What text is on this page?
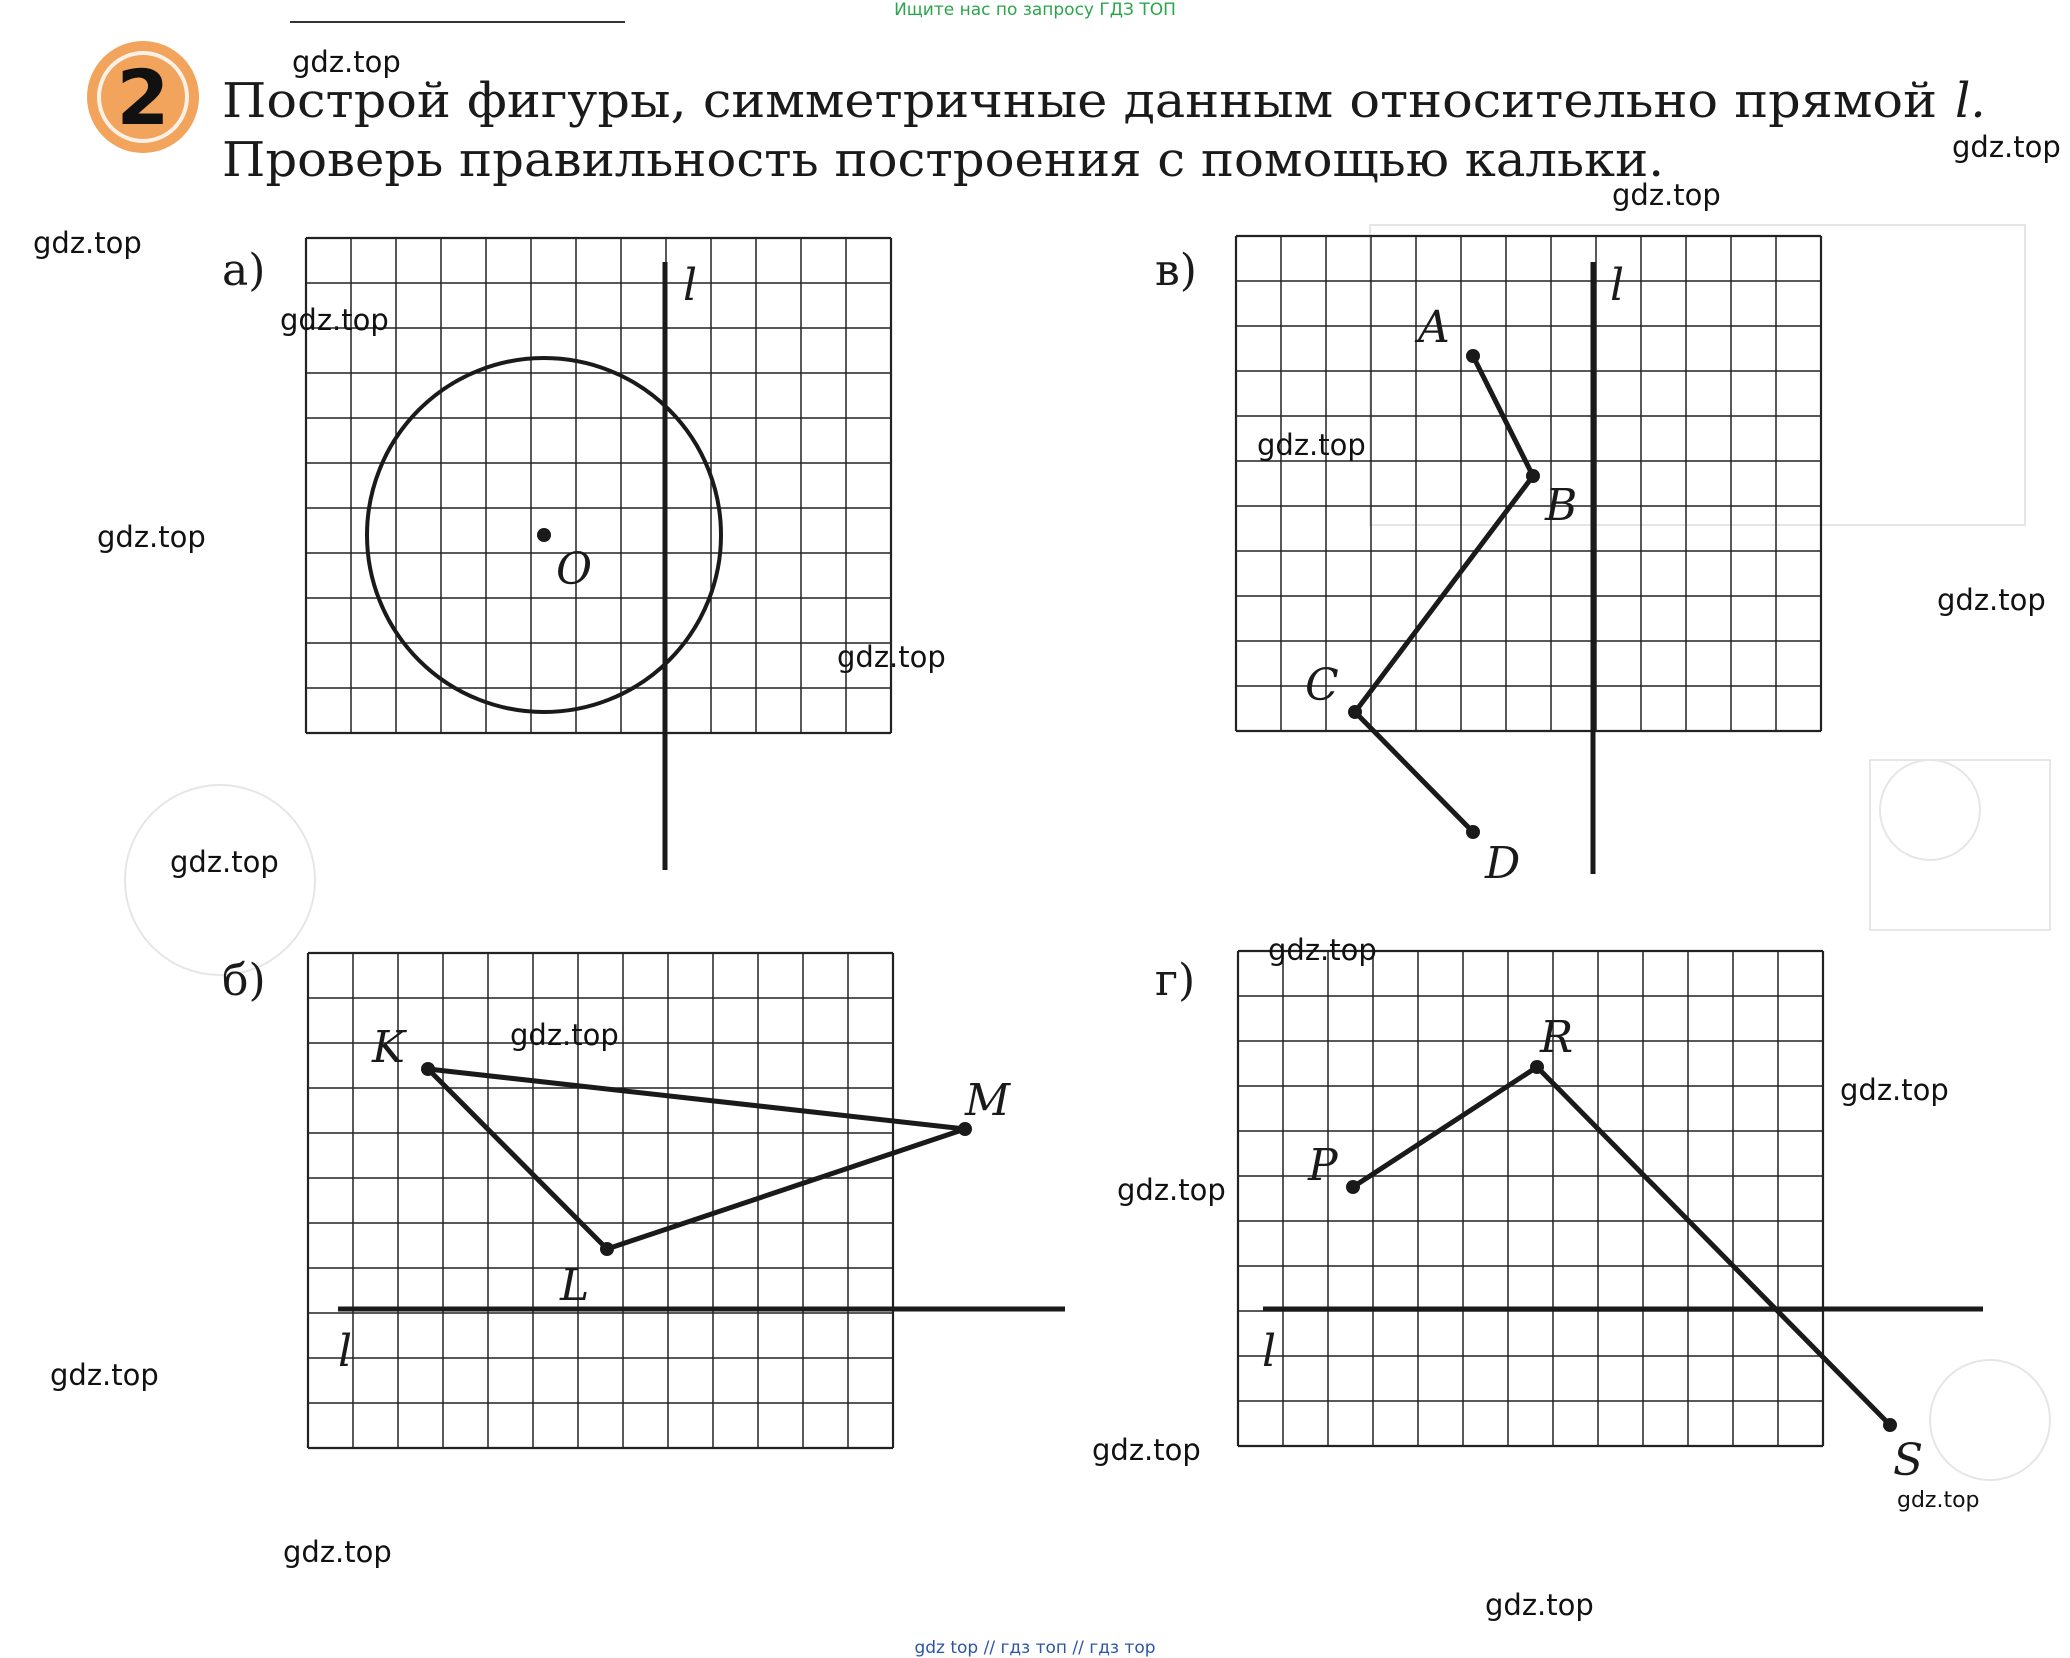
Ищите нас по запросу ГДЗ ТОП
2 Построй фигуры, симметричные данным относительно прямой l.
Проверь правильность построения с помощью кальки.
а)	в)
б)	г)
O
l
A
B
C
D
l
K
M
L
l
R
P
S
l
gdz.top
gdz.top
gdz.top
gdz.top
gdz.top
gdz.top
gdz.top
gdz.top
gdz.top
gdz.top
gdz.top
gdz.top
gdz.top
gdz.top
gdz.top
gdz.top
gdz.top
gdz.top
gdz.top
gdz top // гдз топ // гдз тор
